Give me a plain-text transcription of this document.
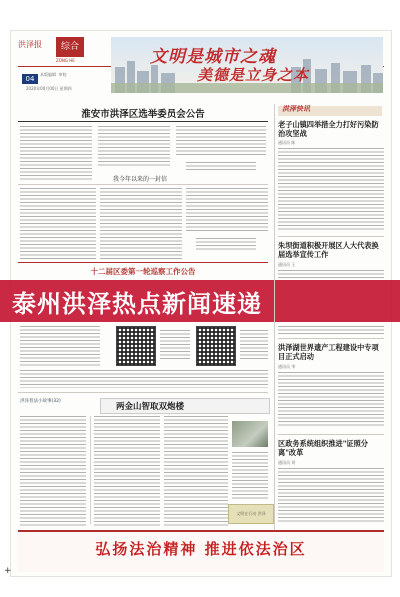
洪泽报	综合
ZONG HE
04
本版编辑  审校
2020年00月00日 星期四
文明是城市之魂
美德是立身之本
淮安市洪泽区选举委员会公告
我今年以来的一封信
十二届区委第一轮巡察工作公告
泰州洪泽热点新闻速递
两金山智取双炮楼
洪泽普法小故事(32)
文明在行动 洪泽
洪泽快讯
老子山镇四举措全力打好污染防治攻坚战
通讯员 陈
朱坝街道积极开展区人大代表换届选举宣传工作
通讯员 王
洪泽湖世界遗产工程建设中专项目正式启动
通讯员 李
区政务系统组织推进"证照分离"改革
通讯员 刘
弘扬法治精神 推进依法治区
+
